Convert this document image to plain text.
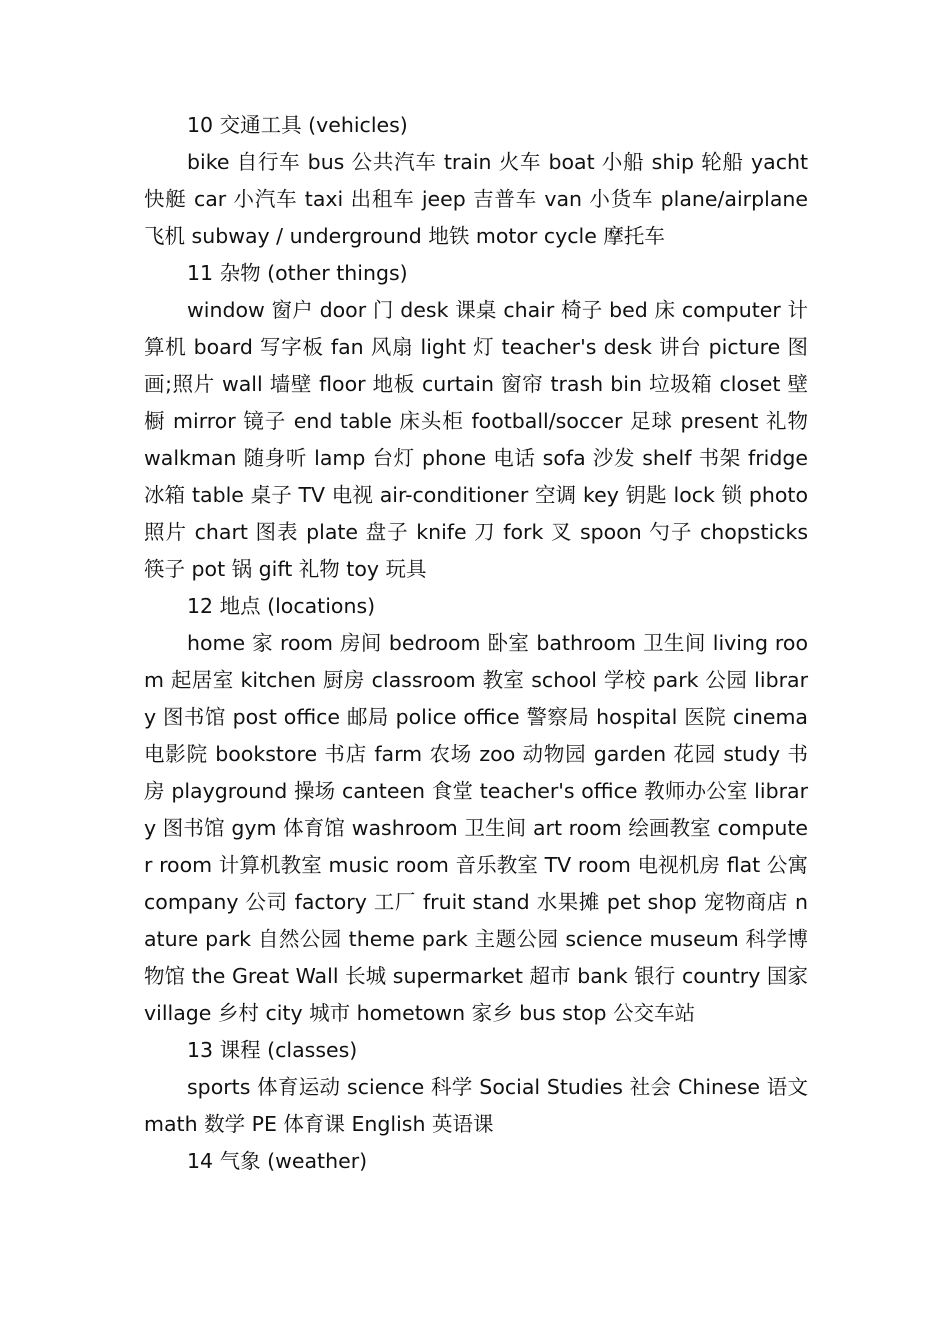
10 交通工具 (vehicles)

bike 自行车 bus 公共汽车 train 火车 boat 小船 ship 轮船 yacht 快艇 car 小汽车 taxi 出租车 jeep 吉普车 van 小货车 plane/airplane 飞机 subway / underground 地铁 motor cycle 摩托车

11 杂物 (other things)

window 窗户 door 门 desk 课桌 chair 椅子 bed 床 computer 计算机 board 写字板 fan 风扇 light 灯 teacher's desk 讲台 picture 图画;照片 wall 墙壁 floor 地板 curtain 窗帘 trash bin 垃圾箱 closet 壁橱 mirror 镜子 end table 床头柜 football/soccer 足球 present 礼物 walkman 随身听 lamp 台灯 phone 电话 sofa 沙发 shelf 书架 fridge 冰箱 table 桌子 TV 电视 air-conditioner 空调 key 钥匙 lock 锁 photo 照片 chart 图表 plate 盘子 knife 刀 fork 叉 spoon 勺子 chopsticks 筷子 pot 锅 gift 礼物 toy 玩具

12 地点 (locations)

home 家 room 房间 bedroom 卧室 bathroom 卫生间 living room 起居室 kitchen 厨房 classroom 教室 school 学校 park 公园 library 图书馆 post office 邮局 police office 警察局 hospital 医院 cinema 电影院 bookstore 书店 farm 农场 zoo 动物园 garden 花园 study 书房 playground 操场 canteen 食堂 teacher's office 教师办公室 library 图书馆 gym 体育馆 washroom 卫生间 art room 绘画教室 computer room 计算机教室 music room 音乐教室 TV room 电视机房 flat 公寓 company 公司 factory 工厂 fruit stand 水果摊 pet shop 宠物商店 nature park 自然公园 theme park 主题公园 science museum 科学博物馆 the Great Wall 长城 supermarket 超市 bank 银行 country 国家 village 乡村 city 城市 hometown 家乡 bus stop 公交车站

13 课程 (classes)

sports 体育运动 science 科学 Social Studies 社会 Chinese 语文 math 数学 PE 体育课 English 英语课

14 气象 (weather)
